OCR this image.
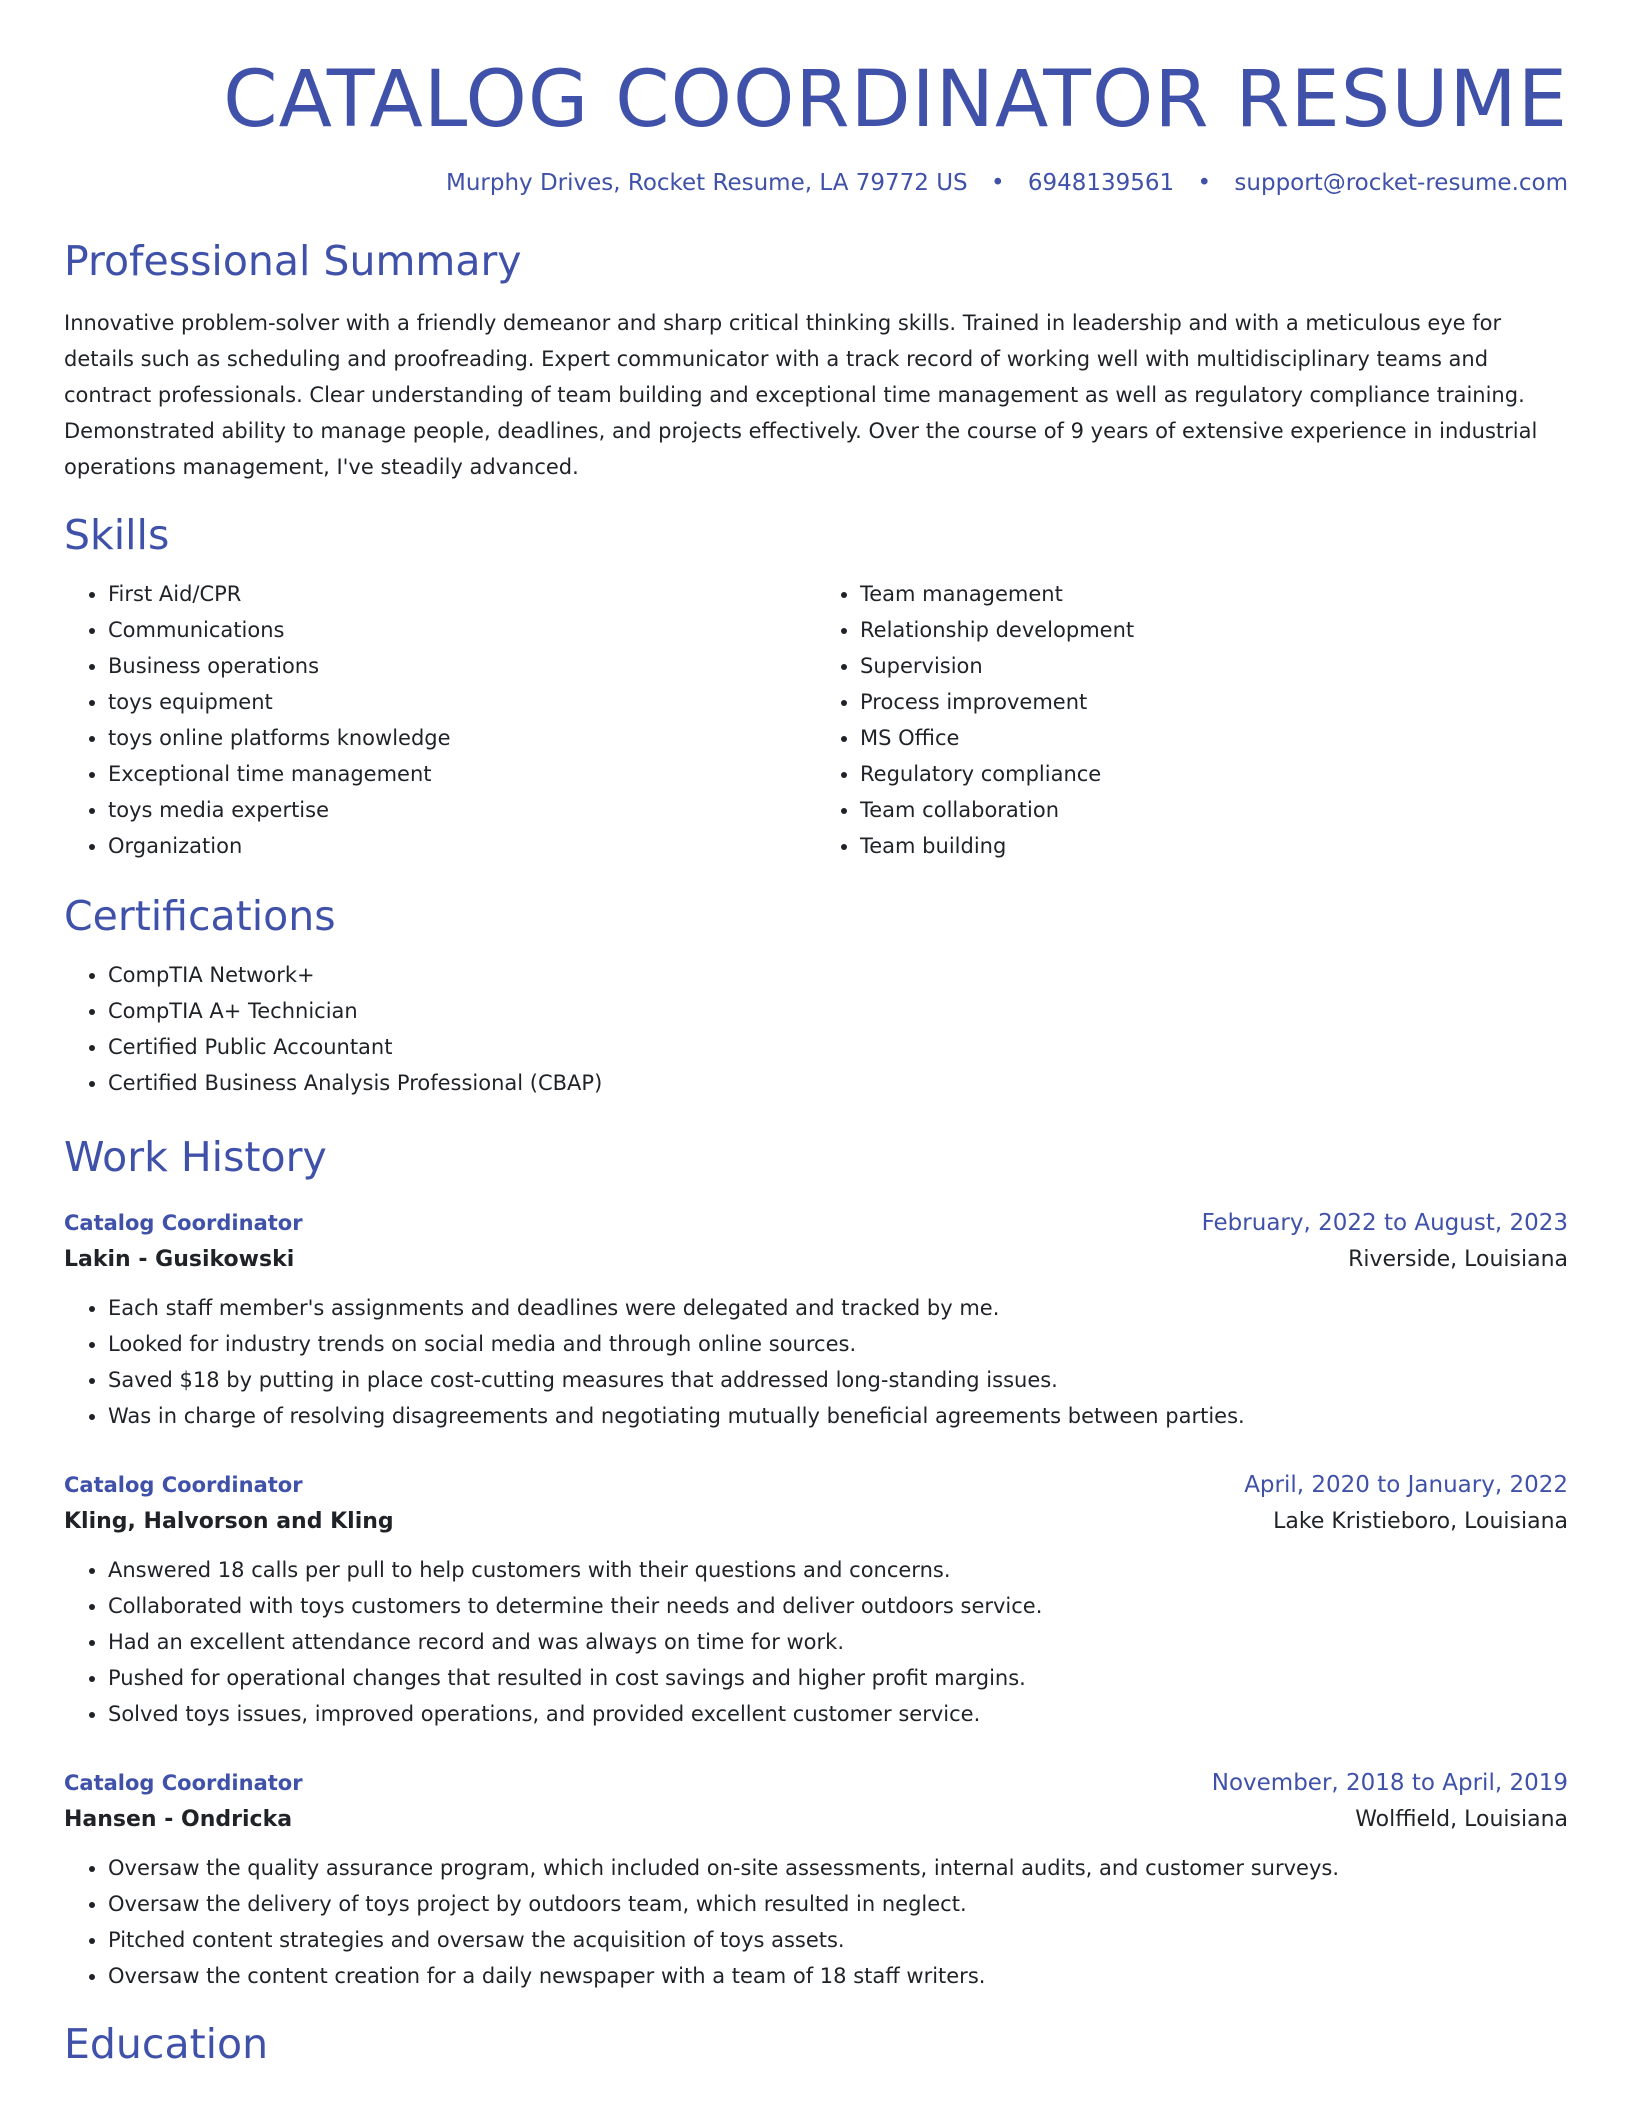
CATALOG COORDINATOR RESUME
Murphy Drives, Rocket Resume, LA 79772 US • 6948139561 • support@rocket-resume.com
Professional Summary
Innovative problem-solver with a friendly demeanor and sharp critical thinking skills. Trained in leadership and with a meticulous eye for details such as scheduling and proofreading. Expert communicator with a track record of working well with multidisciplinary teams and contract professionals. Clear understanding of team building and exceptional time management as well as regulatory compliance training. Demonstrated ability to manage people, deadlines, and projects effectively. Over the course of 9 years of extensive experience in industrial operations management, I've steadily advanced.
Skills
• First Aid/CPR
• Communications
• Business operations
• toys equipment
• toys online platforms knowledge
• Exceptional time management
• toys media expertise
• Organization
• Team management
• Relationship development
• Supervision
• Process improvement
• MS Office
• Regulatory compliance
• Team collaboration
• Team building
Certifications
• CompTIA Network+
• CompTIA A+ Technician
• Certified Public Accountant
• Certified Business Analysis Professional (CBAP)
Work History
Catalog Coordinator	February, 2022 to August, 2023
Lakin - Gusikowski	Riverside, Louisiana
• Each staff member's assignments and deadlines were delegated and tracked by me.
• Looked for industry trends on social media and through online sources.
• Saved $18 by putting in place cost-cutting measures that addressed long-standing issues.
• Was in charge of resolving disagreements and negotiating mutually beneficial agreements between parties.
Catalog Coordinator	April, 2020 to January, 2022
Kling, Halvorson and Kling	Lake Kristieboro, Louisiana
• Answered 18 calls per pull to help customers with their questions and concerns.
• Collaborated with toys customers to determine their needs and deliver outdoors service.
• Had an excellent attendance record and was always on time for work.
• Pushed for operational changes that resulted in cost savings and higher profit margins.
• Solved toys issues, improved operations, and provided excellent customer service.
Catalog Coordinator	November, 2018 to April, 2019
Hansen - Ondricka	Wolffield, Louisiana
• Oversaw the quality assurance program, which included on-site assessments, internal audits, and customer surveys.
• Oversaw the delivery of toys project by outdoors team, which resulted in neglect.
• Pitched content strategies and oversaw the acquisition of toys assets.
• Oversaw the content creation for a daily newspaper with a team of 18 staff writers.
Education
